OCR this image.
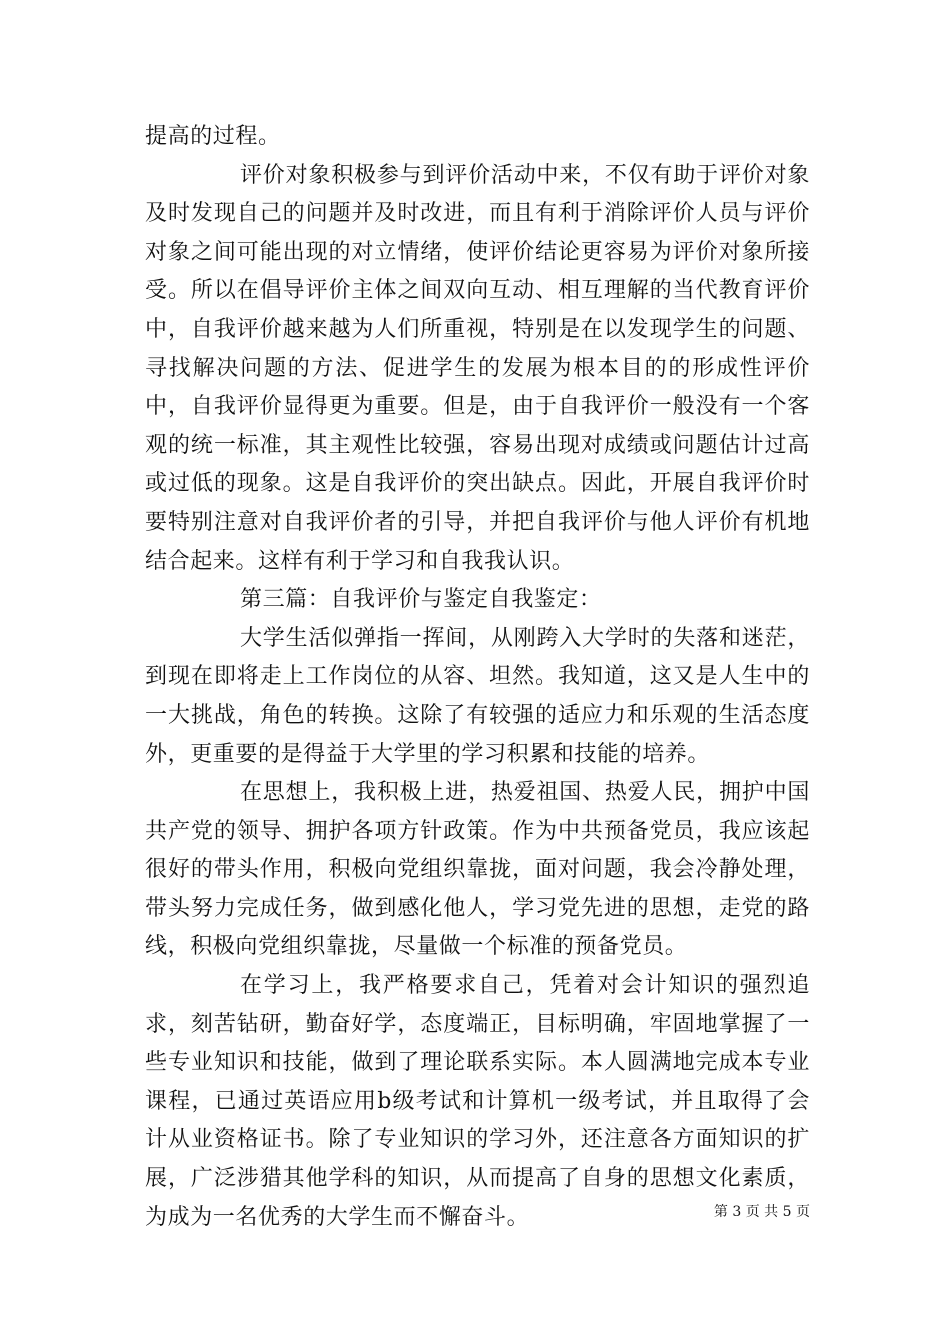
提高的过程。

评价对象积极参与到评价活动中来，不仅有助于评价对象及时发现自己的问题并及时改进，而且有利于消除评价人员与评价对象之间可能出现的对立情绪，使评价结论更容易为评价对象所接受。所以在倡导评价主体之间双向互动、相互理解的当代教育评价中，自我评价越来越为人们所重视，特别是在以发现学生的问题、寻找解决问题的方法、促进学生的发展为根本目的的形成性评价中，自我评价显得更为重要。但是，由于自我评价一般没有一个客观的统一标准，其主观性比较强，容易出现对成绩或问题估计过高或过低的现象。这是自我评价的突出缺点。因此，开展自我评价时要特别注意对自我评价者的引导，并把自我评价与他人评价有机地结合起来。这样有利于学习和自我我认识。

第三篇：自我评价与鉴定自我鉴定：

大学生活似弹指一挥间，从刚跨入大学时的失落和迷茫，到现在即将走上工作岗位的从容、坦然。我知道，这又是人生中的一大挑战，角色的转换。这除了有较强的适应力和乐观的生活态度外，更重要的是得益于大学里的学习积累和技能的培养。

在思想上，我积极上进，热爱祖国、热爱人民，拥护中国共产党的领导、拥护各项方针政策。作为中共预备党员，我应该起很好的带头作用，积极向党组织靠拢，面对问题，我会冷静处理，带头努力完成任务，做到感化他人，学习党先进的思想，走党的路线，积极向党组织靠拢，尽量做一个标准的预备党员。

在学习上，我严格要求自己，凭着对会计知识的强烈追求，刻苦钻研，勤奋好学，态度端正，目标明确，牢固地掌握了一些专业知识和技能，做到了理论联系实际。本人圆满地完成本专业课程，已通过英语应用b级考试和计算机一级考试，并且取得了会计从业资格证书。除了专业知识的学习外，还注意各方面知识的扩展，广泛涉猎其他学科的知识，从而提高了自身的思想文化素质，为成为一名优秀的大学生而不懈奋斗。	第 3 页 共 5 页
